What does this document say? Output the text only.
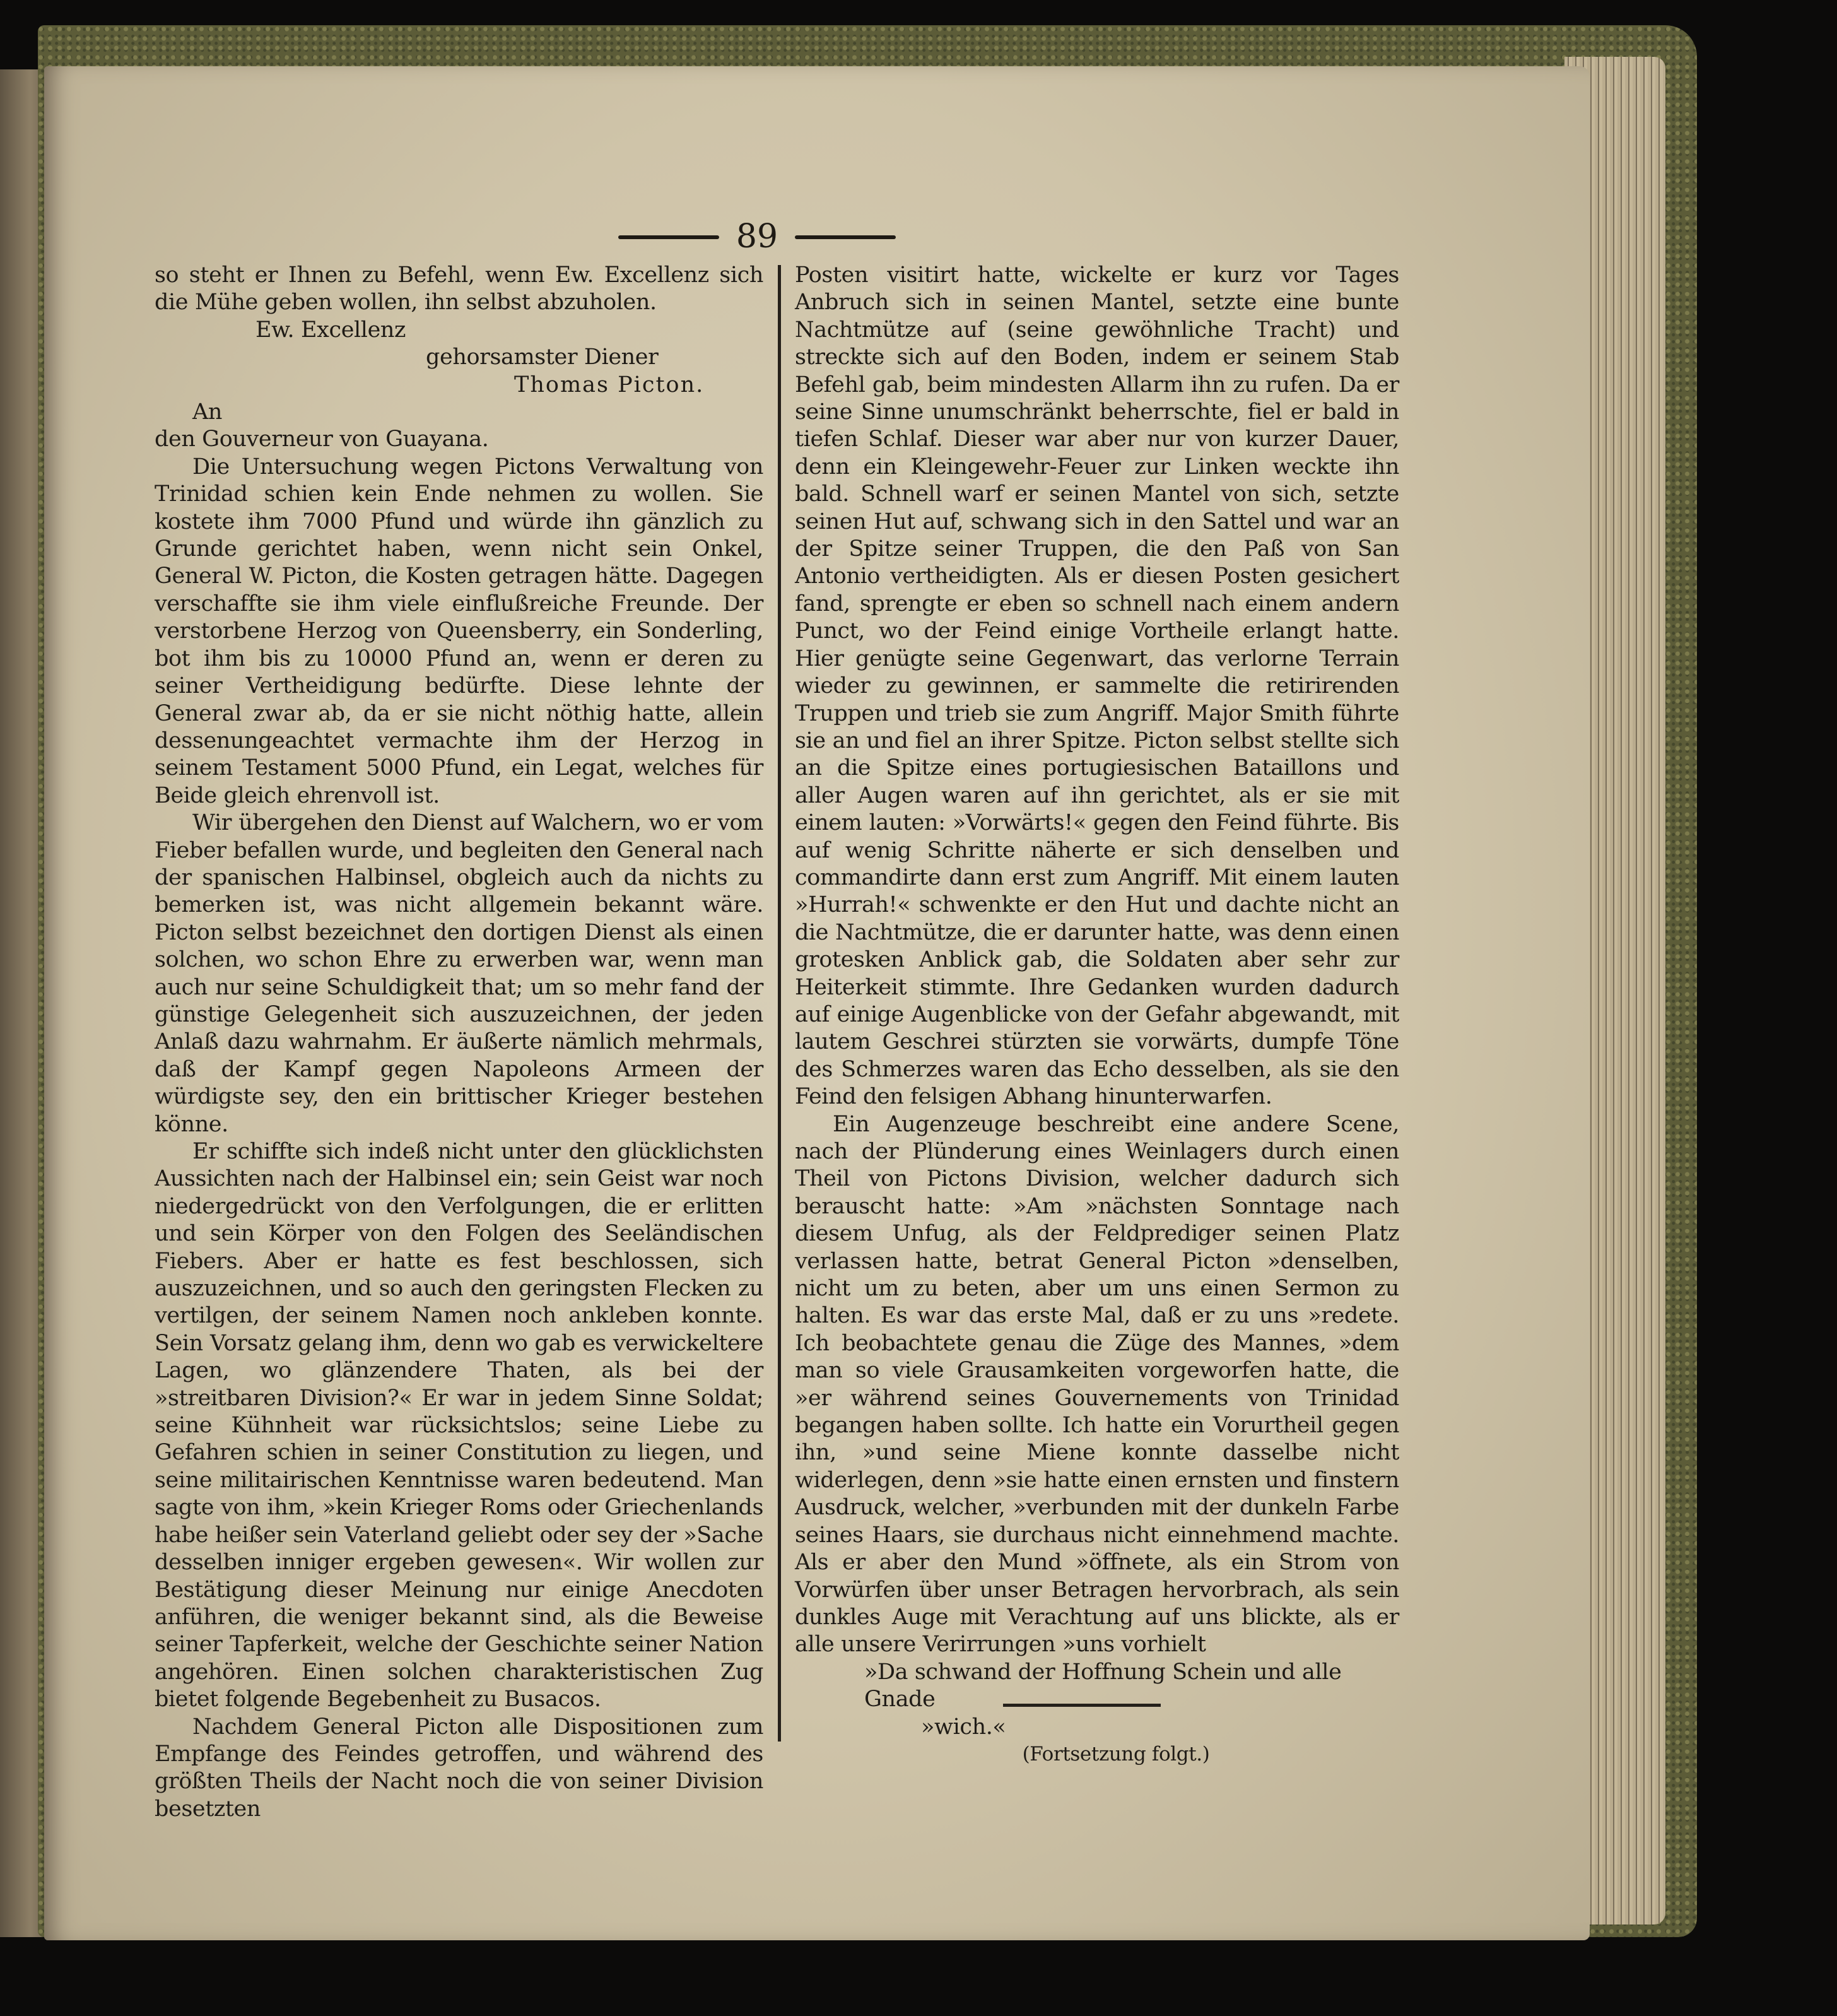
89

so steht er Ihnen zu Befehl, wenn Ew. Excellenz sich die Mühe geben wollen, ihn selbst abzuholen.

Ew. Excellenz
gehorsamster Diener
Thomas Picton.
An
den Gouverneur von Guayana.

Die Untersuchung wegen Pictons Verwaltung von Trinidad schien kein Ende nehmen zu wollen. Sie kostete ihm 7000 Pfund und würde ihn gänzlich zu Grunde gerichtet haben, wenn nicht sein Onkel, General W. Picton, die Kosten getragen hätte. Dagegen verschaffte sie ihm viele einflußreiche Freunde. Der verstorbene Herzog von Queensberry, ein Sonderling, bot ihm bis zu 10000 Pfund an, wenn er deren zu seiner Vertheidigung bedürfte. Diese lehnte der General zwar ab, da er sie nicht nöthig hatte, allein dessenungeachtet vermachte ihm der Herzog in seinem Testament 5000 Pfund, ein Legat, welches für Beide gleich ehrenvoll ist.

Wir übergehen den Dienst auf Walchern, wo er vom Fieber befallen wurde, und begleiten den General nach der spanischen Halbinsel, obgleich auch da nichts zu bemerken ist, was nicht allgemein bekannt wäre. Picton selbst bezeichnet den dortigen Dienst als einen solchen, wo schon Ehre zu erwerben war, wenn man auch nur seine Schuldigkeit that; um so mehr fand der günstige Gelegenheit sich auszuzeichnen, der jeden Anlaß dazu wahrnahm. Er äußerte nämlich mehrmals, daß der Kampf gegen Napoleons Armeen der würdigste sey, den ein brittischer Krieger bestehen könne.

Er schiffte sich indeß nicht unter den glücklichsten Aussichten nach der Halbinsel ein; sein Geist war noch niedergedrückt von den Verfolgungen, die er erlitten und sein Körper von den Folgen des Seeländischen Fiebers. Aber er hatte es fest beschlossen, sich auszuzeichnen, und so auch den geringsten Flecken zu vertilgen, der seinem Namen noch ankleben konnte. Sein Vorsatz gelang ihm, denn wo gab es verwickeltere Lagen, wo glänzendere Thaten, als bei der »streitbaren Division?« Er war in jedem Sinne Soldat; seine Kühnheit war rücksichtslos; seine Liebe zu Gefahren schien in seiner Constitution zu liegen, und seine militairischen Kenntnisse waren bedeutend. Man sagte von ihm, »kein Krieger Roms oder Griechenlands habe heißer sein Vaterland geliebt oder sey der »Sache desselben inniger ergeben gewesen«. Wir wollen zur Bestätigung dieser Meinung nur einige Anecdoten anführen, die weniger bekannt sind, als die Beweise seiner Tapferkeit, welche der Geschichte seiner Nation angehören. Einen solchen charakteristischen Zug bietet folgende Begebenheit zu Busacos.

Nachdem General Picton alle Dispositionen zum Empfange des Feindes getroffen, und während des größten Theils der Nacht noch die von seiner Division besetzten

Posten visitirt hatte, wickelte er kurz vor Tages Anbruch sich in seinen Mantel, setzte eine bunte Nachtmütze auf (seine gewöhnliche Tracht) und streckte sich auf den Boden, indem er seinem Stab Befehl gab, beim mindesten Allarm ihn zu rufen. Da er seine Sinne unumschränkt beherrschte, fiel er bald in tiefen Schlaf. Dieser war aber nur von kurzer Dauer, denn ein Kleingewehr-Feuer zur Linken weckte ihn bald. Schnell warf er seinen Mantel von sich, setzte seinen Hut auf, schwang sich in den Sattel und war an der Spitze seiner Truppen, die den Paß von San Antonio vertheidigten. Als er diesen Posten gesichert fand, sprengte er eben so schnell nach einem andern Punct, wo der Feind einige Vortheile erlangt hatte. Hier genügte seine Gegenwart, das verlorne Terrain wieder zu gewinnen, er sammelte die retirirenden Truppen und trieb sie zum Angriff. Major Smith führte sie an und fiel an ihrer Spitze. Picton selbst stellte sich an die Spitze eines portugiesischen Bataillons und aller Augen waren auf ihn gerichtet, als er sie mit einem lauten: »Vorwärts!« gegen den Feind führte. Bis auf wenig Schritte näherte er sich denselben und commandirte dann erst zum Angriff. Mit einem lauten »Hurrah!« schwenkte er den Hut und dachte nicht an die Nachtmütze, die er darunter hatte, was denn einen grotesken Anblick gab, die Soldaten aber sehr zur Heiterkeit stimmte. Ihre Gedanken wurden dadurch auf einige Augenblicke von der Gefahr abgewandt, mit lautem Geschrei stürzten sie vorwärts, dumpfe Töne des Schmerzes waren das Echo desselben, als sie den Feind den felsigen Abhang hinunterwarfen.

Ein Augenzeuge beschreibt eine andere Scene, nach der Plünderung eines Weinlagers durch einen Theil von Pictons Division, welcher dadurch sich berauscht hatte: »Am »nächsten Sonntage nach diesem Unfug, als der Feldprediger seinen Platz verlassen hatte, betrat General Picton »denselben, nicht um zu beten, aber um uns einen Sermon zu halten. Es war das erste Mal, daß er zu uns »redete. Ich beobachtete genau die Züge des Mannes, »dem man so viele Grausamkeiten vorgeworfen hatte, die »er während seines Gouvernements von Trinidad begangen haben sollte. Ich hatte ein Vorurtheil gegen ihn, »und seine Miene konnte dasselbe nicht widerlegen, denn »sie hatte einen ernsten und finstern Ausdruck, welcher, »verbunden mit der dunkeln Farbe seines Haars, sie durchaus nicht einnehmend machte. Als er aber den Mund »öffnete, als ein Strom von Vorwürfen über unser Betragen hervorbrach, als sein dunkles Auge mit Verachtung auf uns blickte, als er alle unsere Verirrungen »uns vorhielt

»Da schwand der Hoffnung Schein und alle Gnade
»wich.«
(Fortsetzung folgt.)
